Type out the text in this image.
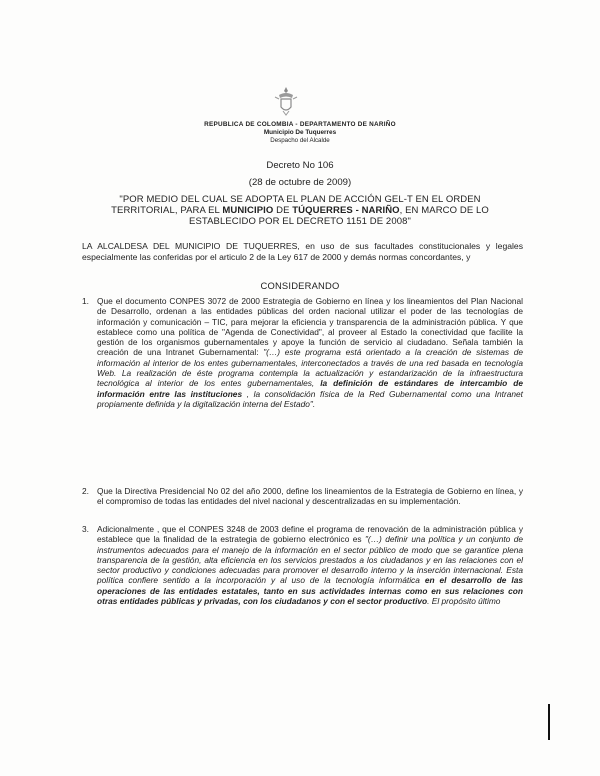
REPUBLICA DE COLOMBIA - DEPARTAMENTO DE NARIÑO
Municipio De Tuquerres
Despacho del Alcalde
Decreto No 106
(28 de octubre de 2009)
"POR MEDIO DEL CUAL SE ADOPTA EL PLAN DE ACCIÓN GEL-T EN EL ORDEN TERRITORIAL, PARA EL MUNICIPIO DE TÚQUERRES - NARIÑO, EN MARCO DE LO ESTABLECIDO POR EL DECRETO 1151 DE 2008"
LA ALCALDESA DEL MUNICIPIO DE TUQUERRES, en uso de sus facultades constitucionales y legales especialmente las conferidas por el articulo 2 de la Ley 617 de 2000 y demás normas concordantes, y
CONSIDERANDO
1. Que el documento CONPES 3072 de 2000 Estrategia de Gobierno en línea y los lineamientos del Plan Nacional de Desarrollo, ordenan a las entidades públicas del orden nacional utilizar el poder de las tecnologías de información y comunicación – TIC, para mejorar la eficiencia y transparencia de la administración pública. Y que establece como una política de "Agenda de Conectividad", al proveer al Estado la conectividad que facilite la gestión de los organismos gubernamentales y apoye la función de servicio al ciudadano. Señala también la creación de una Intranet Gubernamental: "(…) este programa está orientado a la creación de sistemas de información al interior de los entes gubernamentales, interconectados a través de una red basada en tecnología Web. La realización de éste programa contempla la actualización y estandarización de la infraestructura tecnológica al interior de los entes gubernamentales, la definición de estándares de intercambio de información entre las instituciones , la consolidación física de la Red Gubernamental como una Intranet propiamente definida y la digitalización interna del Estado".
2. Que la Directiva Presidencial No 02 del año 2000, define los lineamientos de la Estrategia de Gobierno en línea, y el compromiso de todas las entidades del nivel nacional y descentralizadas en su implementación.
3. Adicionalmente , que el CONPES 3248 de 2003 define el programa de renovación de la administración pública y establece que la finalidad de la estrategia de gobierno electrónico es "(…) definir una política y un conjunto de instrumentos adecuados para el manejo de la información en el sector público de modo que se garantice plena transparencia de la gestión, alta eficiencia en los servicios prestados a los ciudadanos y en las relaciones con el sector productivo y condiciones adecuadas para promover el desarrollo interno y la inserción internacional. Esta política confiere sentido a la incorporación y al uso de la tecnología informática en el desarrollo de las operaciones de las entidades estatales, tanto en sus actividades internas como en sus relaciones con otras entidades públicas y privadas, con los ciudadanos y con el sector productivo. El propósito último
